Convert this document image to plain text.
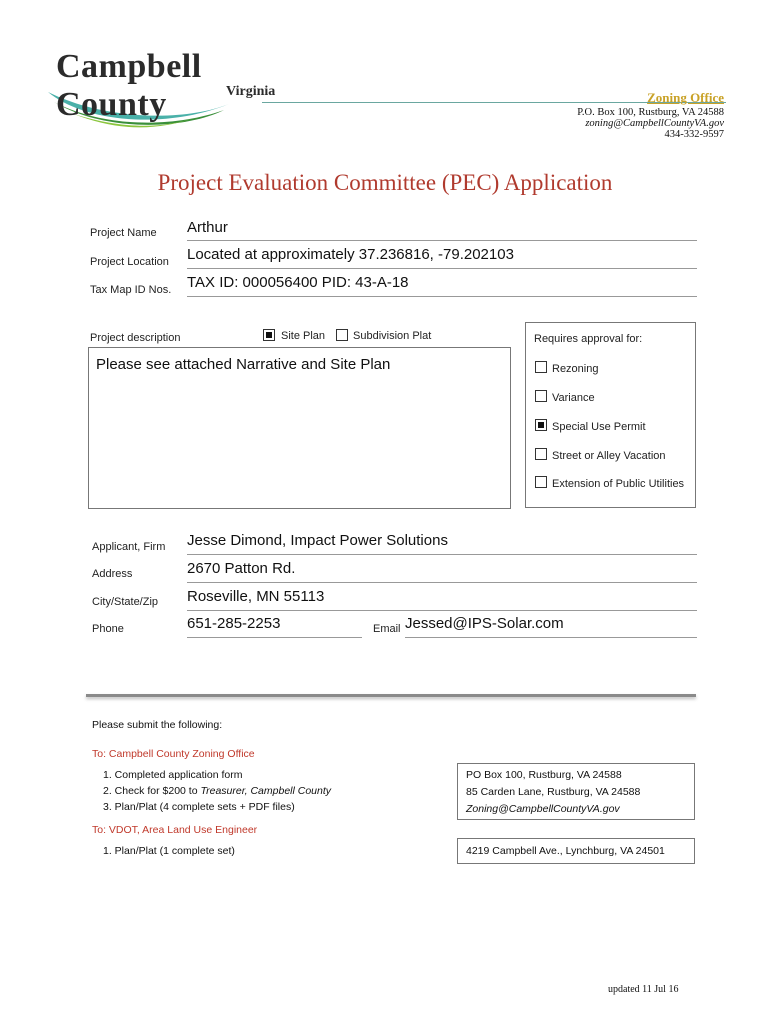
Campbell County	Virginia	Zoning Office
P.O. Box 100, Rustburg, VA 24588
zoning@CampbellCountyVA.gov
434-332-9597
Project Evaluation Committee (PEC) Application
Project Name Arthur
Project Location Located at approximately 37.236816, -79.202103
Tax Map ID Nos. TAX ID: 000056400 PID: 43-A-18
Project description	Site Plan	Subdivision Plat
Please see attached Narrative and Site Plan
Requires approval for:
Rezoning
Variance
Special Use Permit
Street or Alley Vacation
Extension of Public Utilities
Applicant, Firm Jesse Dimond, Impact Power Solutions
Address	2670 Patton Rd.
City/State/Zip Roseville, MN 55113
Phone	651-285-2253	Email Jessed@IPS-Solar.com
Please submit the following:
To: Campbell County Zoning Office
1. Completed application form
2. Check for $200 to Treasurer, Campbell County
3. Plan/Plat (4 complete sets + PDF files)
PO Box 100, Rustburg, VA 24588
85 Carden Lane, Rustburg, VA 24588
Zoning@CampbellCountyVA.gov
To: VDOT, Area Land Use Engineer
1. Plan/Plat (1 complete set)	4219 Campbell Ave., Lynchburg, VA 24501
updated 11 Jul 16
